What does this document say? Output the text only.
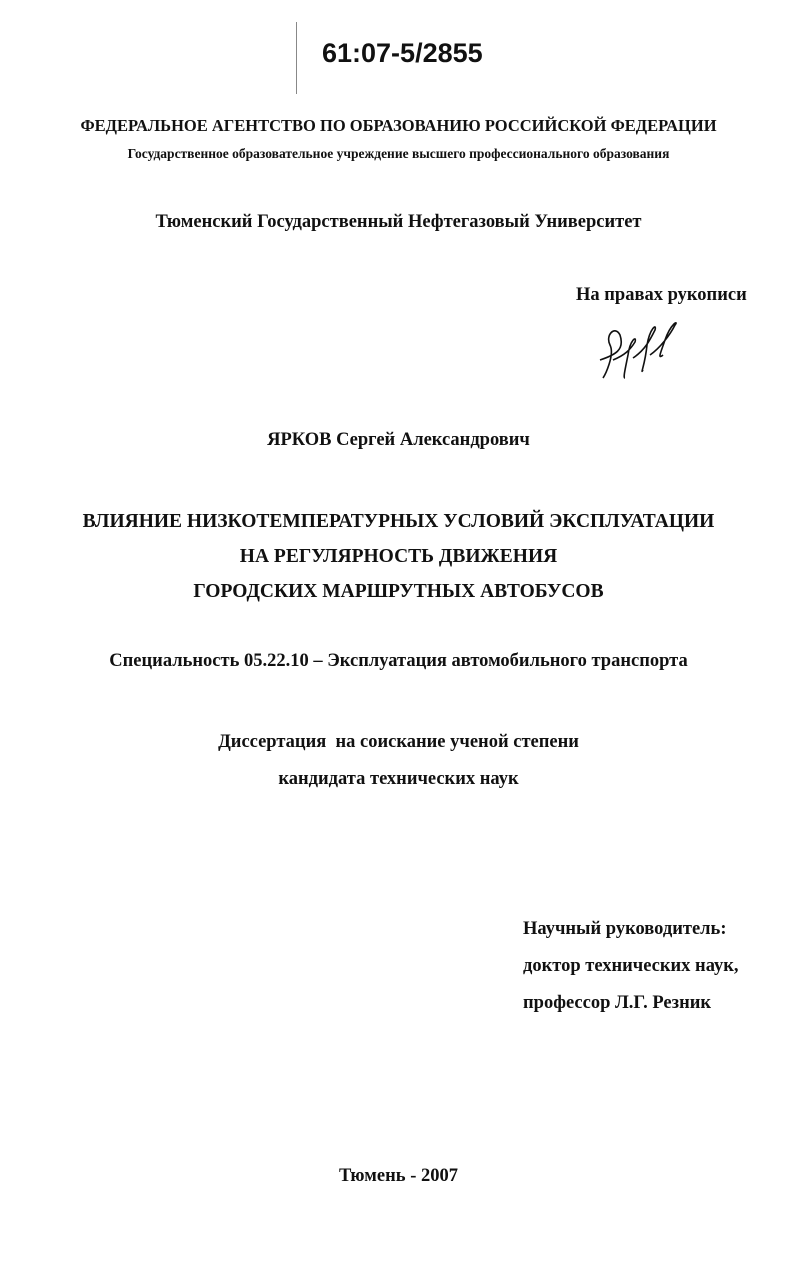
61:07-5/2855
ФЕДЕРАЛЬНОЕ АГЕНТСТВО ПО ОБРАЗОВАНИЮ РОССИЙСКОЙ ФЕДЕРАЦИИ
Государственное образовательное учреждение высшего профессионального образования
Тюменский Государственный Нефтегазовый Университет
На правах рукописи
ЯРКОВ Сергей Александрович
ВЛИЯНИЕ НИЗКОТЕМПЕРАТУРНЫХ УСЛОВИЙ ЭКСПЛУАТАЦИИ
НА РЕГУЛЯРНОСТЬ ДВИЖЕНИЯ
ГОРОДСКИХ МАРШРУТНЫХ АВТОБУСОВ
Специальность 05.22.10 – Эксплуатация автомобильного транспорта
Диссертация  на соискание ученой степени
кандидата технических наук
Научный руководитель:
доктор технических наук,
профессор Л.Г. Резник
Тюмень - 2007
